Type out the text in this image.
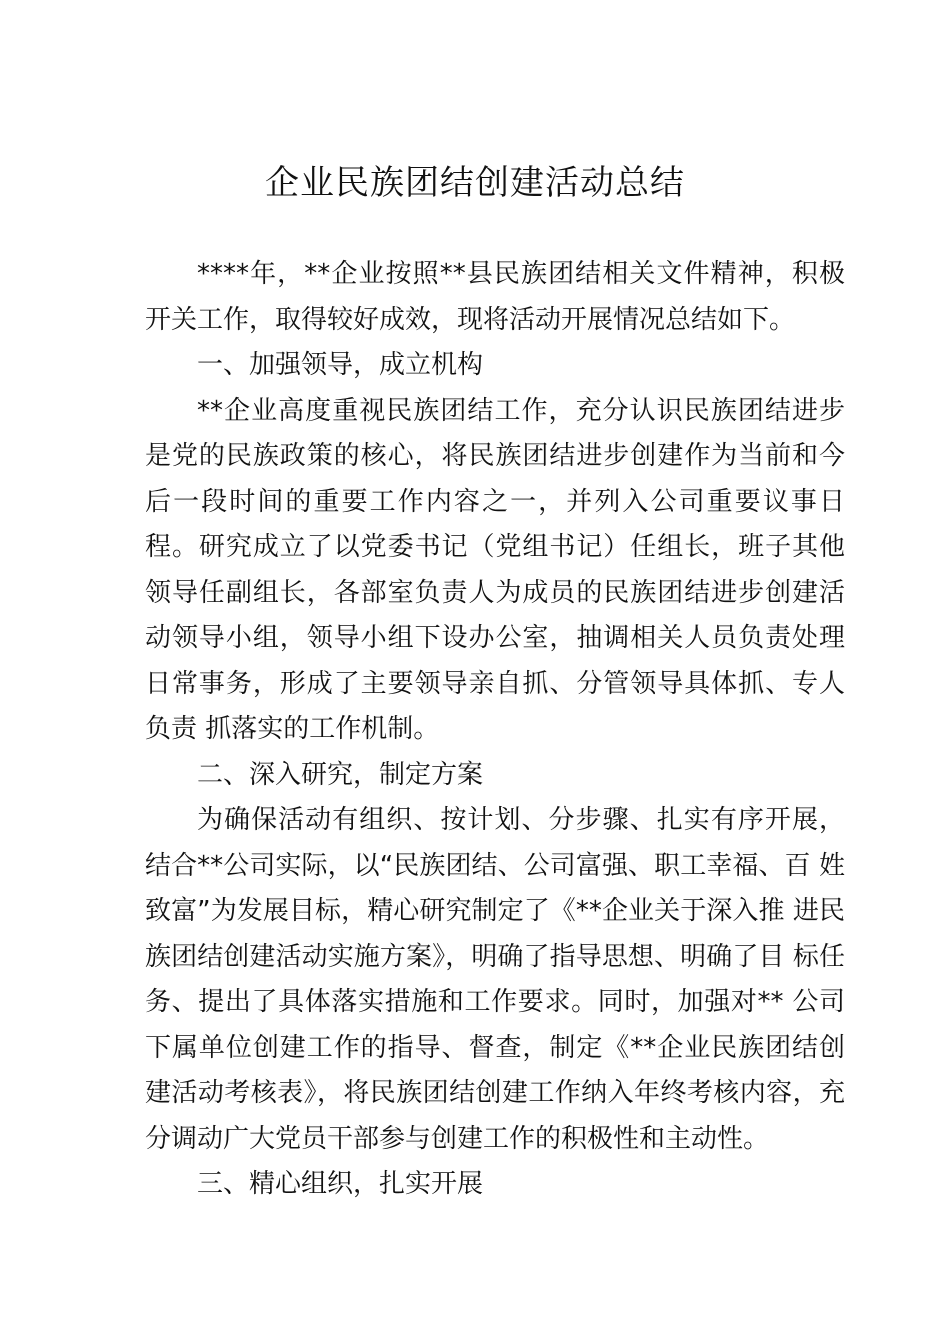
企业民族团结创建活动总结

****年，**企业按照**县民族团结相关文件精神，积极开关工作，取得较好成效，现将活动开展情况总结如下。

一、加强领导，成立机构

**企业高度重视民族团结工作，充分认识民族团结进步是党的民族政策的核心，将民族团结进步创建作为当前和今后一段时间的重要工作内容之一，并列入公司重要议事日程。研究成立了以党委书记（党组书记）任组长，班子其他领导任副组长，各部室负责人为成员的民族团结进步创建活动领导小组，领导小组下设办公室，抽调相关人员负责处理日常事务，形成了主要领导亲自抓、分管领导具体抓、专人负责 抓落实的工作机制。

二、深入研究，制定方案

为确保活动有组织、按计划、分步骤、扎实有序开展，结合**公司实际，以“民族团结、公司富强、职工幸福、百 姓致富”为发展目标，精心研究制定了《**企业关于深入推 进民族团结创建活动实施方案》，明确了指导思想、明确了目 标任务、提出了具体落实措施和工作要求。同时，加强对** 公司下属单位创建工作的指导、督查，制定《**企业民族团结创建活动考核表》，将民族团结创建工作纳入年终考核内容，充分调动广大党员干部参与创建工作的积极性和主动性。

三、精心组织，扎实开展
